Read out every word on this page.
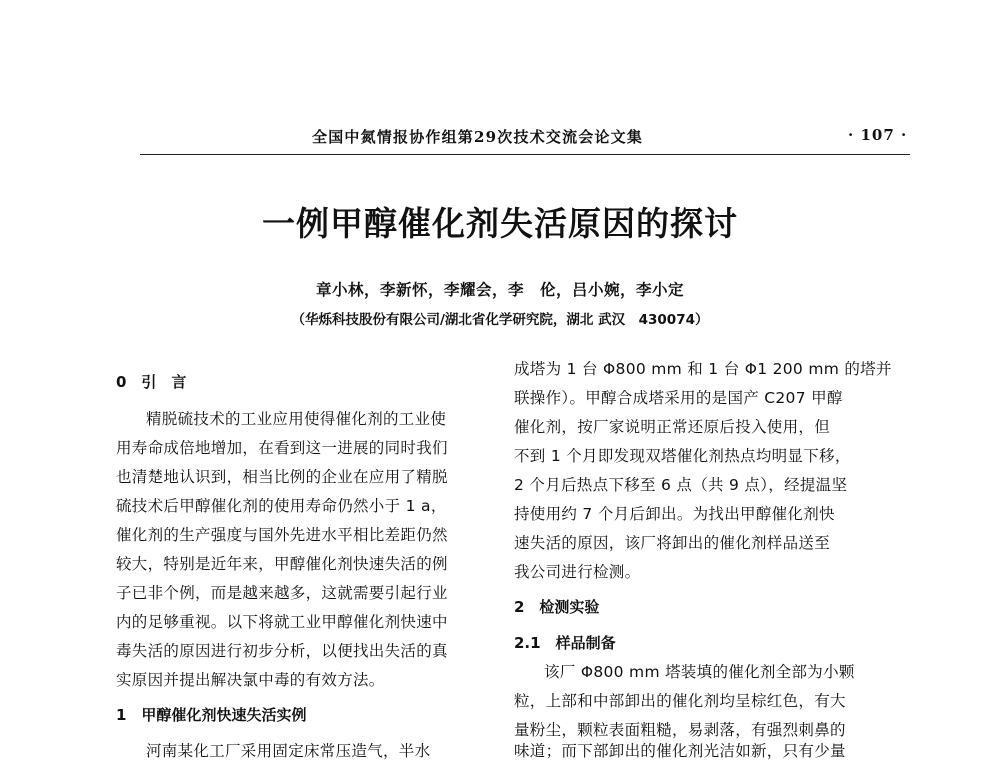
全国中氮情报协作组第29次技术交流会论文集	· 107 ·
一例甲醇催化剂失活原因的探讨
章小林，李新怀，李耀会，李　伦，吕小婉，李小定
（华烁科技股份有限公司/湖北省化学研究院，湖北 武汉　430074）
0　引　言
精脱硫技术的工业应用使得催化剂的工业使
用寿命成倍地增加，在看到这一进展的同时我们
也清楚地认识到，相当比例的企业在应用了精脱
硫技术后甲醇催化剂的使用寿命仍然小于 1 a，
催化剂的生产强度与国外先进水平相比差距仍然
较大，特别是近年来，甲醇催化剂快速失活的例
子已非个例，而是越来越多，这就需要引起行业
内的足够重视。以下将就工业甲醇催化剂快速中
毒失活的原因进行初步分析，以便找出失活的真
实原因并提出解决氯中毒的有效方法。
1　甲醇催化剂快速失活实例
河南某化工厂采用固定床常压造气，半水
成塔为 1 台 Φ800 mm 和 1 台 Φ1 200 mm 的塔并
联操作）。甲醇合成塔采用的是国产 C207 甲醇
催化剂，按厂家说明正常还原后投入使用，但
不到 1 个月即发现双塔催化剂热点均明显下移，
2 个月后热点下移至 6 点（共 9 点），经提温坚
持使用约 7 个月后卸出。为找出甲醇催化剂快
速失活的原因，该厂将卸出的催化剂样品送至
我公司进行检测。
2　检测实验
2.1　样品制备
该厂 Φ800 mm 塔装填的催化剂全部为小颗
粒，上部和中部卸出的催化剂均呈棕红色，有大
量粉尘，颗粒表面粗糙，易剥落，有强烈刺鼻的
味道；而下部卸出的催化剂光洁如新，只有少量
